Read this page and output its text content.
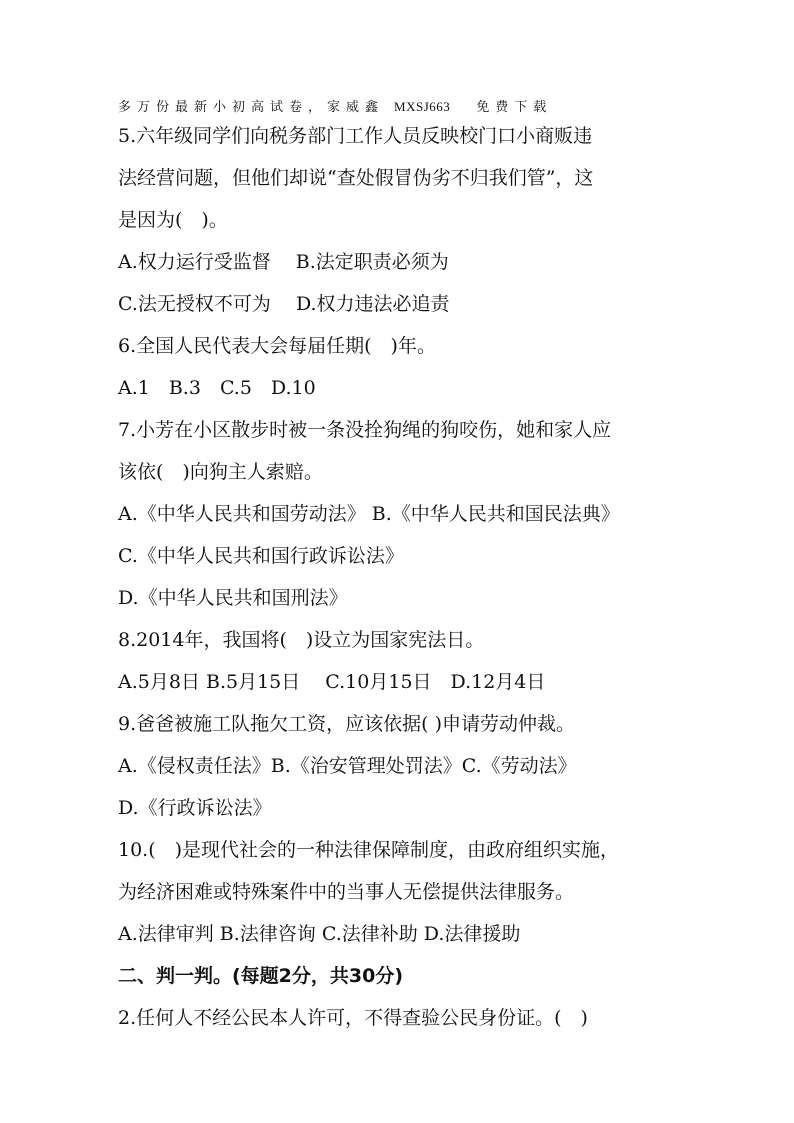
多万份最新小初高试卷，家威鑫 MXSJ663 免费下载
5.六年级同学们向税务部门工作人员反映校门口小商贩违
法经营问题，但他们却说“查处假冒伪劣不归我们管”，这
是因为(　)。
A.权力运行受监督　 B.法定职责必须为
C.法无授权不可为　 D.权力违法必追责
6.全国人民代表大会每届任期(　)年。
A.1　B.3　C.5　D.10
7.小芳在小区散步时被一条没拴狗绳的狗咬伤，她和家人应
该依(　)向狗主人索赔。
A.《中华人民共和国劳动法》 B.《中华人民共和国民法典》
C.《中华人民共和国行政诉讼法》
D.《中华人民共和国刑法》
8.2014年，我国将(　)设立为国家宪法日。
A.5月8日 B.5月15日　 C.10月15日　D.12月4日
9.爸爸被施工队拖欠工资，应该依据( )申请劳动仲裁。
A.《侵权责任法》B.《治安管理处罚法》C.《劳动法》
D.《行政诉讼法》
10.(　)是现代社会的一种法律保障制度，由政府组织实施，
为经济困难或特殊案件中的当事人无偿提供法律服务。
A.法律审判 B.法律咨询 C.法律补助 D.法律援助
二、判一判。(每题2分，共30分)
2.任何人不经公民本人许可，不得查验公民身份证。(　)
